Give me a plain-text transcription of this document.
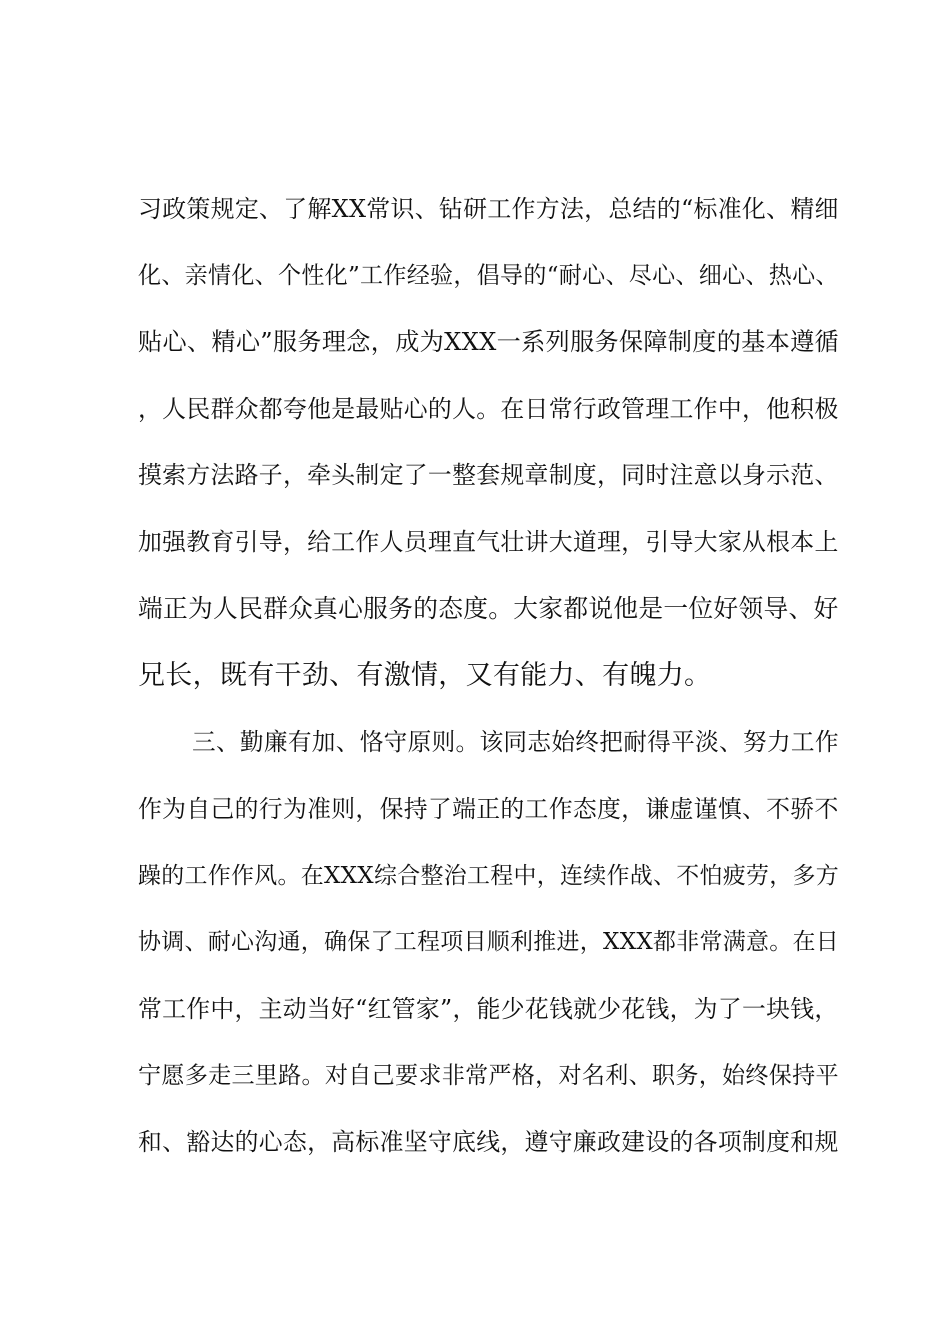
习政策规定、了解XX常识、钻研工作方法，总结的“标准化、精细
化、亲情化、个性化”工作经验，倡导的“耐心、尽心、细心、热心、
贴心、精心”服务理念，成为XXX一系列服务保障制度的基本遵循
，人民群众都夸他是最贴心的人。在日常行政管理工作中，他积极
摸索方法路子，牵头制定了一整套规章制度，同时注意以身示范、
加强教育引导，给工作人员理直气壮讲大道理，引导大家从根本上
端正为人民群众真心服务的态度。大家都说他是一位好领导、好
兄长，既有干劲、有激情，又有能力、有魄力。
三、勤廉有加、恪守原则。该同志始终把耐得平淡、努力工作
作为自己的行为准则，保持了端正的工作态度，谦虚谨慎、不骄不
躁的工作作风。在XXX综合整治工程中，连续作战、不怕疲劳，多方
协调、耐心沟通，确保了工程项目顺利推进，XXX都非常满意。在日
常工作中，主动当好“红管家”，能少花钱就少花钱，为了一块钱，
宁愿多走三里路。对自己要求非常严格，对名利、职务，始终保持平
和、豁达的心态，高标准坚守底线，遵守廉政建设的各项制度和规
